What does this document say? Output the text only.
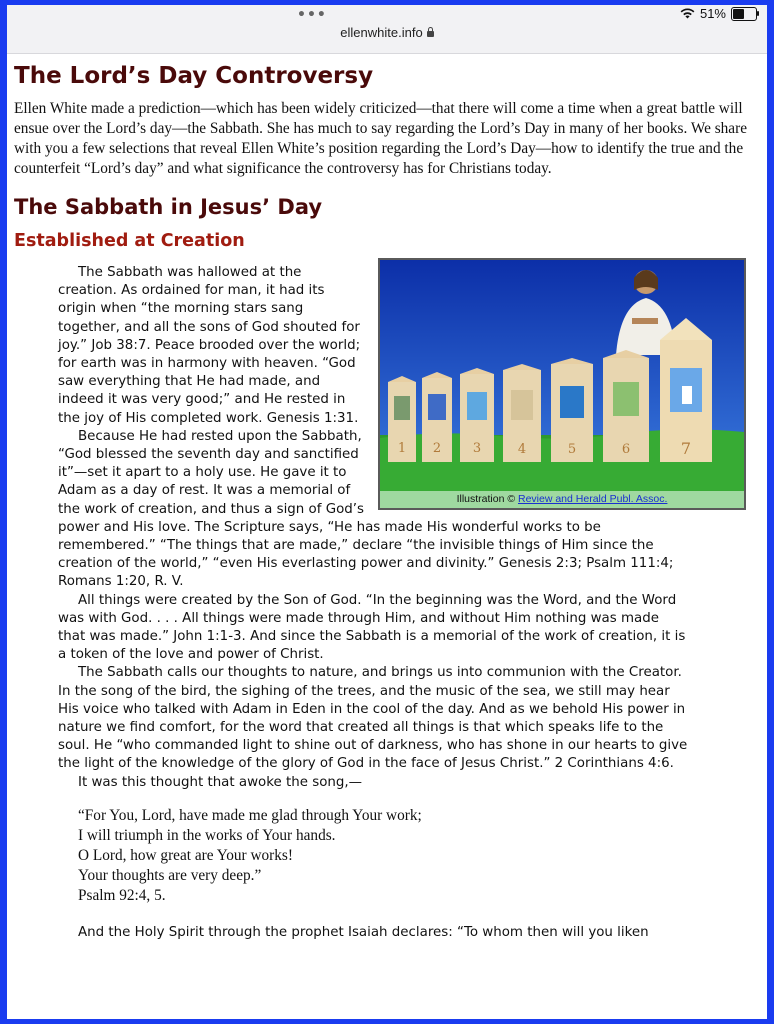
•••	51%
ellenwhite.info
The Lord’s Day Controversy

Ellen White made a prediction—which has been widely criticized—that there will come a time when a great battle will ensue over the Lord’s day—the Sabbath. She has much to say regarding the Lord’s Day in many of her books. We share with you a few selections that reveal Ellen White’s position regarding the Lord’s Day—how to identify the true and the counterfeit “Lord’s day” and what significance the controversy has for Christians today.

The Sabbath in Jesus’ Day
Established at Creation
1 2 3	4	5	6	7
Illustration © Review and Herald Publ. Assoc.

The Sabbath was hallowed at the creation. As ordained for man, it had its origin when “the morning stars sang together, and all the sons of God shouted for joy.” Job 38:7. Peace brooded over the world; for earth was in harmony with heaven. “God saw everything that He had made, and indeed it was very good;” and He rested in the joy of His completed work. Genesis 1:31.

Because He had rested upon the Sabbath, “God blessed the seventh day and sanctified it”—set it apart to a holy use. He gave it to Adam as a day of rest. It was a memorial of the work of creation, and thus a sign of God’s power and His love. The Scripture says, “He has made His wonderful works to be remembered.” “The things that are made,” declare “the invisible things of Him since the creation of the world,” “even His everlasting power and divinity.” Genesis 2:3; Psalm 111:4; Romans 1:20, R. V.

All things were created by the Son of God. “In the beginning was the Word, and the Word was with God. . . . All things were made through Him, and without Him nothing was made that was made.” John 1:1-3. And since the Sabbath is a memorial of the work of creation, it is a token of the love and power of Christ.

The Sabbath calls our thoughts to nature, and brings us into communion with the Creator. In the song of the bird, the sighing of the trees, and the music of the sea, we still may hear His voice who talked with Adam in Eden in the cool of the day. And as we behold His power in nature we find comfort, for the word that created all things is that which speaks life to the soul. He “who commanded light to shine out of darkness, who has shone in our hearts to give the light of the knowledge of the glory of God in the face of Jesus Christ.” 2 Corinthians 4:6.

It was this thought that awoke the song,—

“For You, Lord, have made me glad through Your work;
I will triumph in the works of Your hands.
O Lord, how great are Your works!
Your thoughts are very deep.”
Psalm 92:4, 5.

And the Holy Spirit through the prophet Isaiah declares: “To whom then will you liken
